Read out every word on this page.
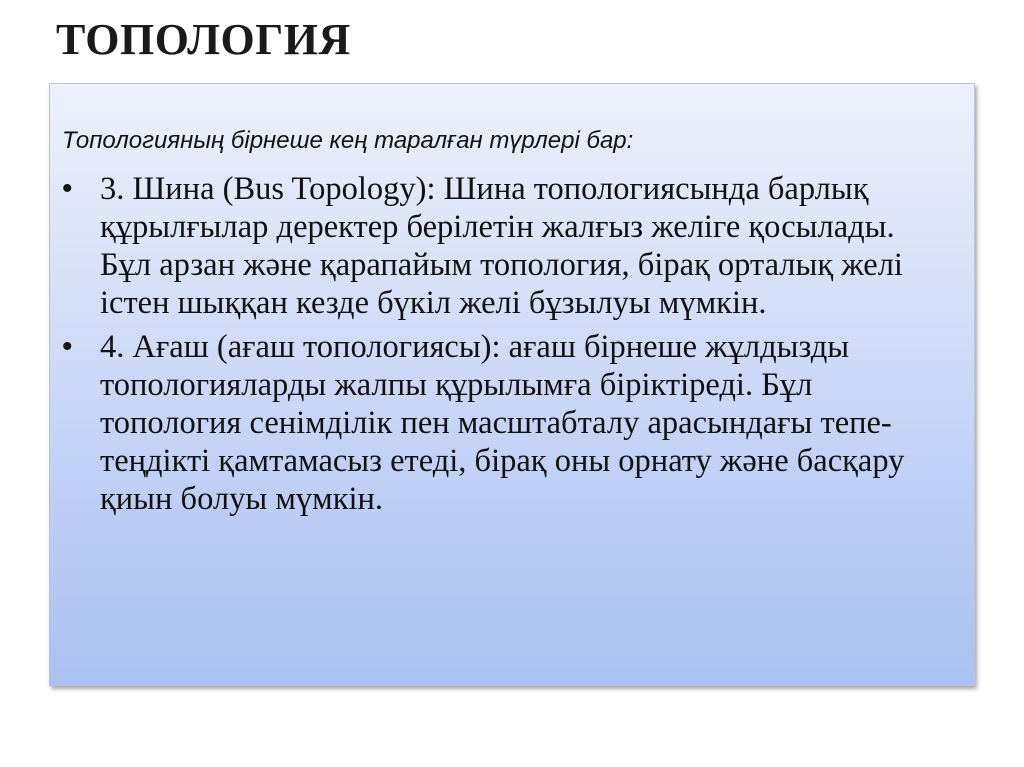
ТОПОЛОГИЯ
Топологияның бірнеше кең таралған түрлері бар:
• 3. Шина (Bus Topology): Шина топологиясында барлық құрылғылар деректер берілетін жалғыз желіге қосылады. Бұл арзан және қарапайым топология, бірақ орталық желі істен шыққан кезде бүкіл желі бұзылуы мүмкін.
• 4. Ағаш (ағаш топологиясы): ағаш бірнеше жұлдызды топологияларды жалпы құрылымға біріктіреді. Бұл топология сенімділік пен масштабталу арасындағы тепе-теңдікті қамтамасыз етеді, бірақ оны орнату және басқару қиын болуы мүмкін.
